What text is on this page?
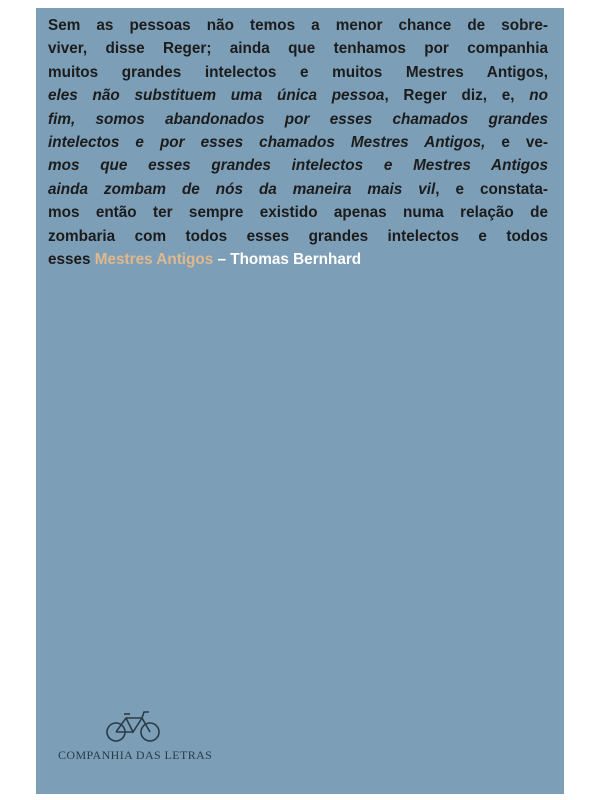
Sem as pessoas não temos a menor chance de sobre-
viver, disse Reger; ainda que tenhamos por companhia
muitos grandes intelectos e muitos Mestres Antigos,
eles não substituem uma única pessoa, Reger diz, e, no
fim, somos abandonados por esses chamados grandes
intelectos e por esses chamados Mestres Antigos, e ve-
mos que esses grandes intelectos e Mestres Antigos
ainda zombam de nós da maneira mais vil, e constata-
mos então ter sempre existido apenas numa relação de
zombaria com todos esses grandes intelectos e todos
esses Mestres Antigos – Thomas Bernhard

COMPANHIA DAS LETRAS
